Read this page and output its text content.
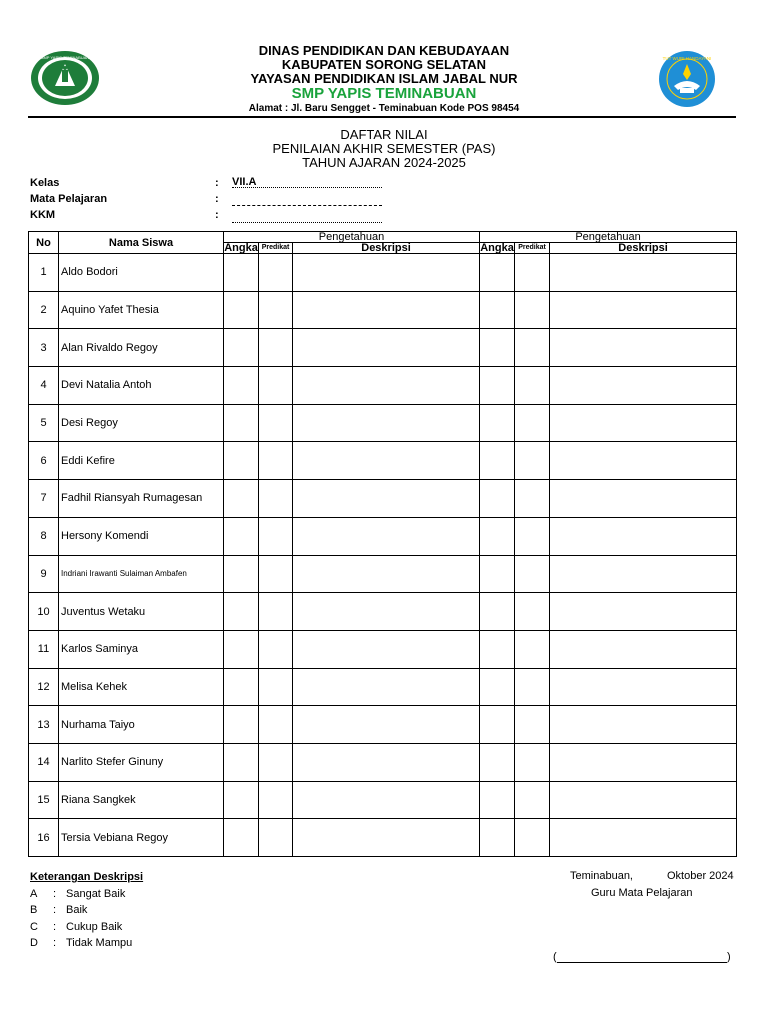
SMP YAPIS TEMINABUAN	TUT WURI HANDAYANI
DINAS PENDIDIKAN DAN KEBUDAYAAN
KABUPATEN SORONG SELATAN
YAYASAN PENDIDIKAN ISLAM JABAL NUR
SMP YAPIS TEMINABUAN
Alamat : Jl. Baru Sengget - Teminabuan Kode POS 98454
DAFTAR NILAI
PENILAIAN AKHIR SEMESTER (PAS)
TAHUN AJARAN 2024-2025
Kelas	: VII.A
Mata Pelajaran	:
KKM	:
No	Nama Siswa	Pengetahuan			Pengetahuan		
		Angka	Predikat	Deskripsi	Angka	Predikat	Deskripsi
1	Aldo Bodori						
2	Aquino Yafet Thesia						
3	Alan Rivaldo Regoy						
4	Devi Natalia Antoh						
5	Desi Regoy						
6	Eddi Kefire						
7	Fadhil Riansyah Rumagesan						
8	Hersony Komendi						
9	Indriani Irawanti Sulaiman Ambafen						
10	Juventus Wetaku						
11	Karlos Saminya						
12	Melisa Kehek						
13	Nurhama Taiyo						
14	Narlito Stefer Ginuny						
15	Riana Sangkek						
16	Tersia Vebiana Regoy						
Keterangan Deskripsi
A : Sangat Baik
B : Baik
C : Cukup Baik
D : Tidak Mampu
Teminabuan,	Oktober 2024
Guru Mata Pelajaran
(	)
